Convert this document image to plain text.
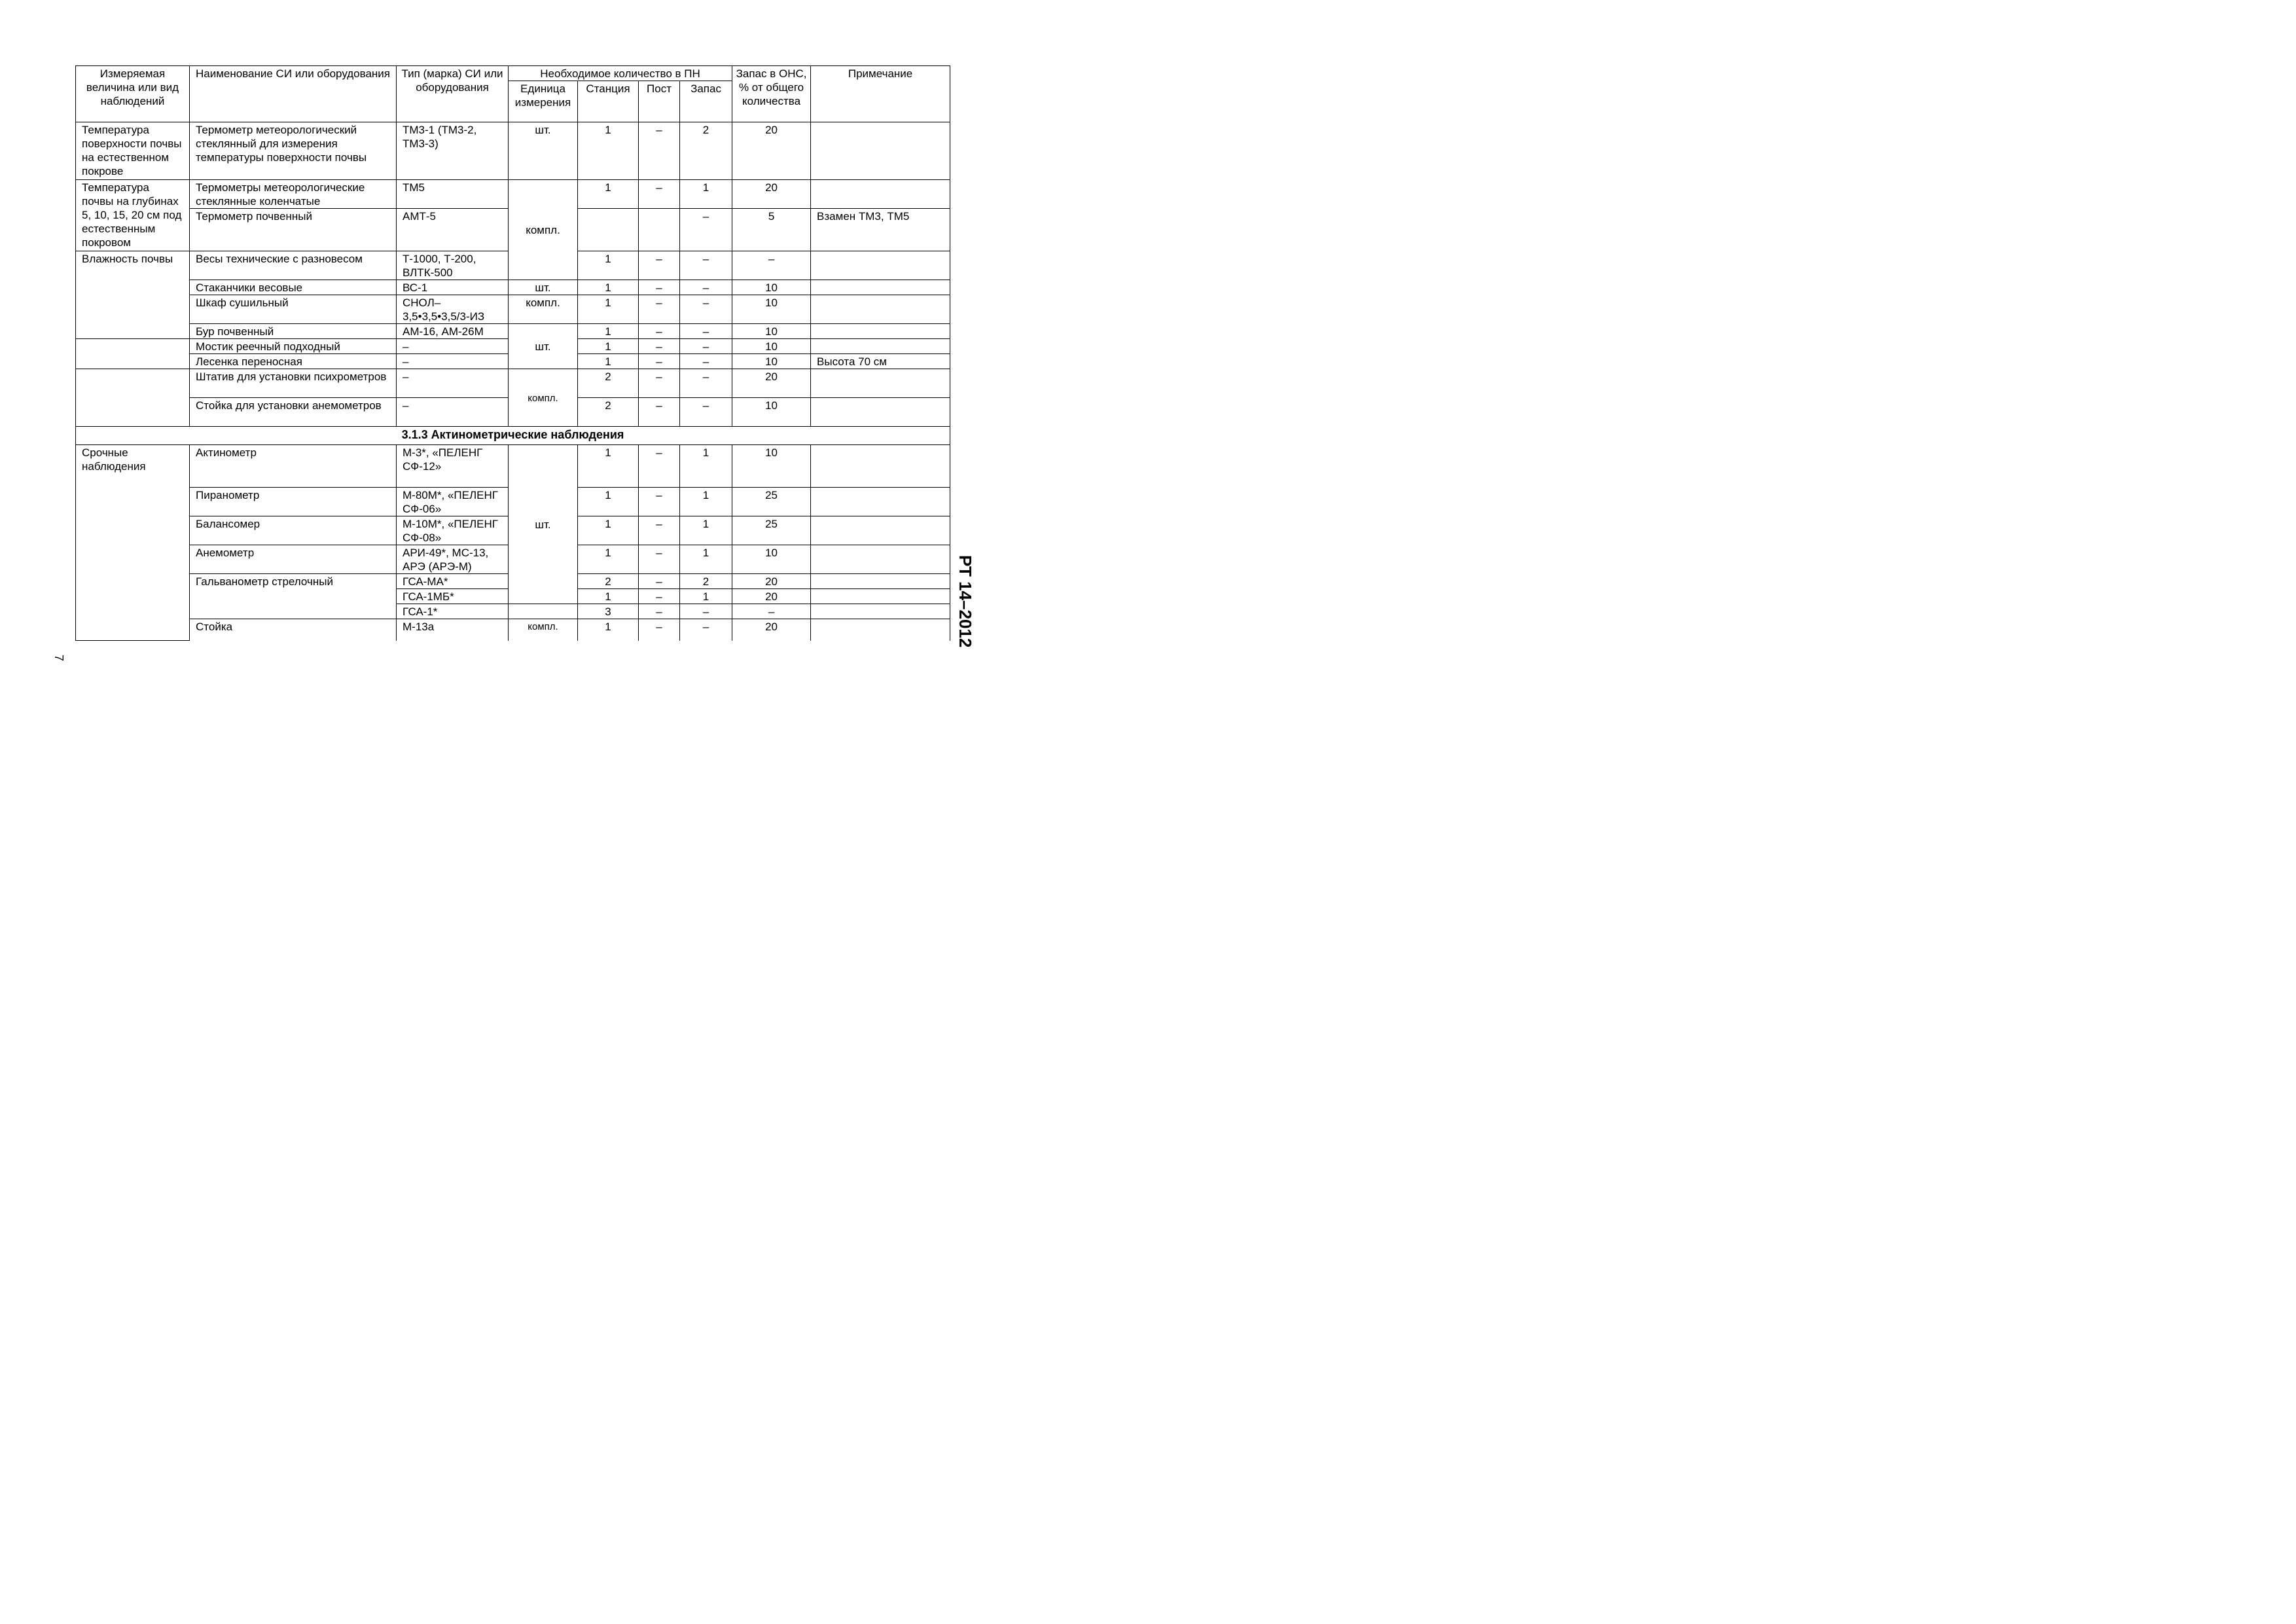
Измеряемая величина или вид наблюдений	Наименование СИ или оборудования	Тип (марка) СИ или оборудования	Необходимое количество в ПН				Запас в ОНС, % от общего количества	Примечание
			Единица измерения	Станция	Пост	Запас		
Температура поверхности почвы на естественном покрове	Термометр метеорологический стеклянный для измерения температуры поверхности почвы	ТМ3-1 (ТМ3-2, ТМ3-3)	шт.	1	–	2	20	
Температура почвы на глубинах 5, 10, 15, 20 см под естественным покровом	Термометры метеорологические стеклянные коленчатые	ТМ5	компл.	1	–	1	20	
	Термометр почвенный	АМТ-5				–	5	Взамен ТМ3, ТМ5
Влажность почвы	Весы технические с разновесом	Т-1000, Т-200, ВЛТК-500		1	–	–	–	
	Стаканчики весовые	ВС-1	шт.	1	–	–	10	
	Шкаф сушильный	СНОЛ–3,5•3,5•3,5/3-ИЗ	компл.	1	–	–	10	
	Бур почвенный	АМ-16, АМ-26М	шт.	1	–	–	10	
	Мостик реечный подходный	–		1	–	–	10	
	Лесенка переносная	–		1	–	–	10	Высота 70 см
	Штатив для установки психрометров	–	компл.	2	–	–	20	
	Стойка для установки анемометров	–		2	–	–	10	
3.1.3 Актинометрические наблюдения								
Срочные наблюдения	Актинометр	М-3*, «ПЕЛЕНГ СФ-12»	шт.	1	–	1	10	
	Пиранометр	М-80М*, «ПЕЛЕНГ СФ-06»		1	–	1	25	
	Балансомер	М-10М*, «ПЕЛЕНГ СФ-08»		1	–	1	25	
	Анемометр	АРИ-49*, МС-13, АРЭ (АРЭ-М)		1	–	1	10	
	Гальванометр стрелочный	ГСА-МА*		2	–	2	20	
		ГСА-1МБ*		1	–	1	20	
		ГСА-1*		3	–	–	–	
	Стойка	М-13а	компл.	1	–	–	20		РТ 14–2012
7
